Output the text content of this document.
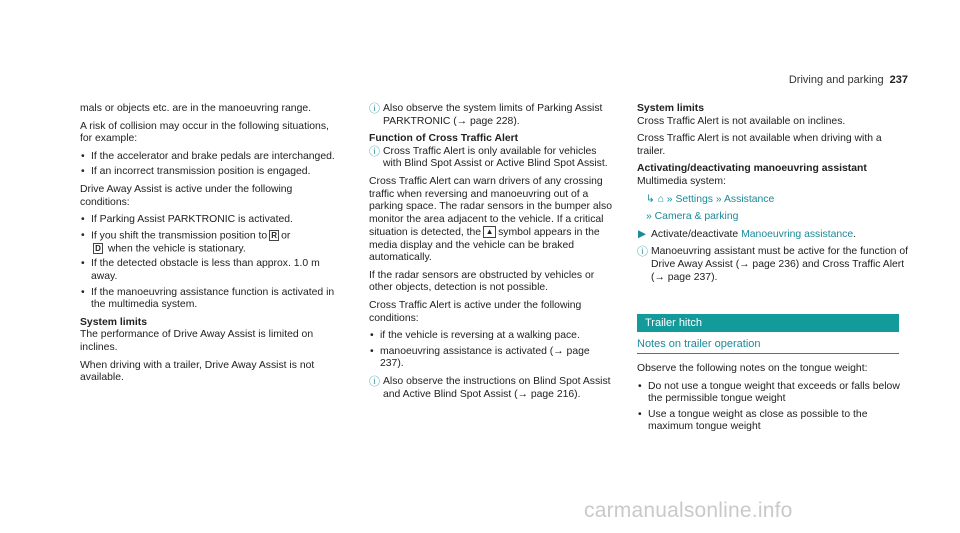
Driving and parking 237

mals or objects etc. are in the manoeuvring range.

A risk of collision may occur in the following situations, for example:

• If the accelerator and brake pedals are interchanged.
• If an incorrect transmission position is engaged.

Drive Away Assist is active under the following conditions:

• If Parking Assist PARKTRONIC is activated.
• If you shift the transmission position to R or
D when the vehicle is stationary.
• If the detected obstacle is less than approx. 1.0 m away.
• If the manoeuvring assistance function is activated in the multimedia system.

System limits

The performance of Drive Away Assist is limited on inclines.

When driving with a trailer, Drive Away Assist is not available.

ⓘ Also observe the system limits of Parking Assist PARKTRONIC (→ page 228).

Function of Cross Traffic Alert

ⓘ Cross Traffic Alert is only available for vehicles with Blind Spot Assist or Active Blind Spot Assist.

Cross Traffic Alert can warn drivers of any crossing traffic when reversing and manoeuvring out of a parking space. The radar sensors in the bumper also monitor the area adjacent to the vehicle. If a critical situation is detected, the ▲ symbol appears in the media display and the vehicle can be braked automatically.

If the radar sensors are obstructed by vehicles or other objects, detection is not possible.

Cross Traffic Alert is active under the following conditions:

• if the vehicle is reversing at a walking pace.
• manoeuvring assistance is activated (→ page 237).
ⓘ Also observe the instructions on Blind Spot Assist and Active Blind Spot Assist (→ page 216).

System limits

Cross Traffic Alert is not available on inclines.

Cross Traffic Alert is not available when driving with a trailer.

Activating/deactivating manoeuvring assistant

Multimedia system:

↳ ⌂ » Settings » Assistance

» Camera & parking

▶ Activate/deactivate Manoeuvring assistance.
ⓘ Manoeuvring assistant must be active for the function of Drive Away Assist (→ page 236) and Cross Traffic Alert (→ page 237).
Trailer hitch
Notes on trailer operation

Observe the following notes on the tongue weight:

• Do not use a tongue weight that exceeds or falls below the permissible tongue weight
• Use a tongue weight as close as possible to the maximum tongue weight
carmanualsonline.info
